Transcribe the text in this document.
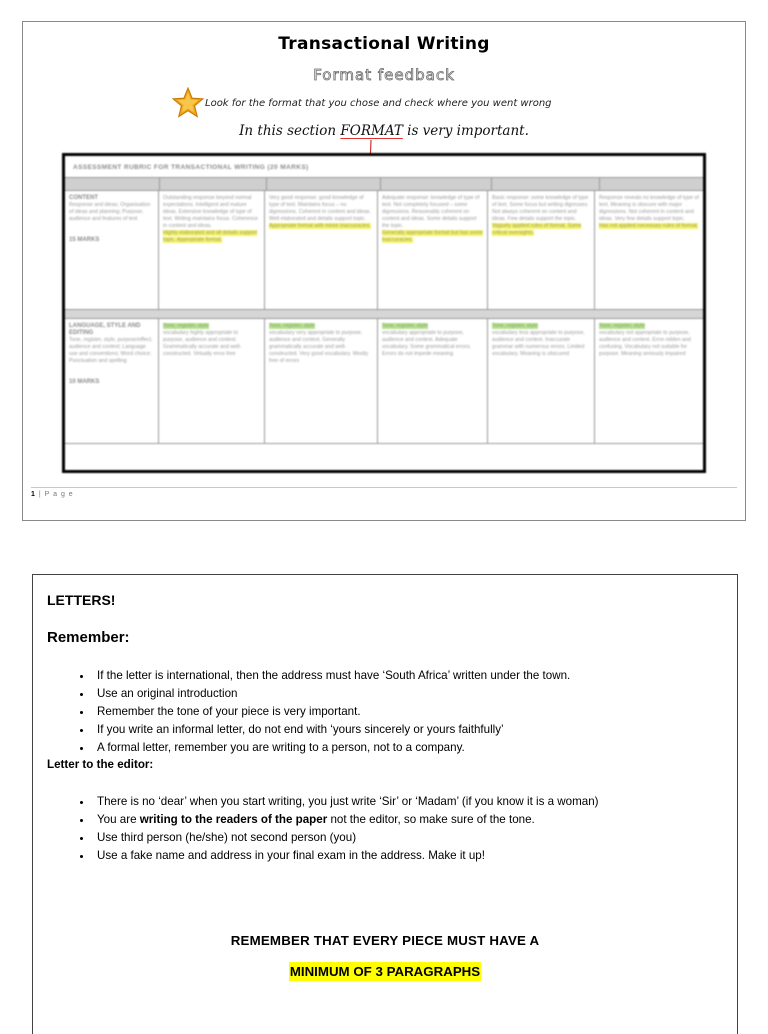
Transactional Writing
Format feedback
Look for the format that you chose and check where you went wrong
In this section FORMAT is very important.
ASSESSMENT RUBRIC FOR TRANSACTIONAL WRITING (20 MARKS)
CONTENT
Response and ideas; Organisation of ideas and planning; Purpose, audience and features of text
15 MARKS
Outstanding response beyond normal expectations. Intelligent and mature ideas. Extensive knowledge of type of text. Writing maintains focus. Coherence in content and ideas.
Highly elaborated and all details support topic. Appropriate format.
Very good response: good knowledge of type of text. Maintains focus – no digressions. Coherent in content and ideas. Well elaborated and details support topic.
Appropriate format with minor inaccuracies.
Adequate response: knowledge of type of text. Not completely focused – some digressions. Reasonably coherent on content and ideas. Some details support the topic.
Generally appropriate format but has some inaccuracies.
Basic response: some knowledge of type of text. Some focus but writing digresses. Not always coherent on content and ideas. Few details support the topic.
Vaguely applied rules of format. Some critical oversights.
Response reveals no knowledge of type of text. Meaning is obscure with major digressions. Not coherent in content and ideas. Very few details support topic.
Has not applied necessary rules of format.
LANGUAGE, STYLE AND EDITING
Tone, register, style, purpose/effect, audience and context; Language use and conventions; Word choice; Punctuation and spelling
10 MARKS
Tone, register, style
vocabulary highly appropriate to purpose, audience and context. Grammatically accurate and well-constructed. Virtually error-free
Tone, register, style
vocabulary very appropriate to purpose, audience and context. Generally grammatically accurate and well-constructed. Very good vocabulary. Mostly free of errors
Tone, register, style
vocabulary appropriate to purpose, audience and context. Adequate vocabulary. Some grammatical errors. Errors do not impede meaning
Tone, register, style
vocabulary less appropriate to purpose, audience and context. Inaccurate grammar with numerous errors. Limited vocabulary. Meaning is obscured
Tone, register, style
vocabulary not appropriate to purpose, audience and context. Error-ridden and confusing. Vocabulary not suitable for purpose. Meaning seriously impaired
1 | P a g e
LETTERS!
Remember:
• If the letter is international, then the address must have ‘South Africa’ written under the town.
• Use an original introduction
• Remember the tone of your piece is very important.
• If you write an informal letter, do not end with ‘yours sincerely or yours faithfully’
• A formal letter, remember you are writing to a person, not to a company.
Letter to the editor:
• There is no ‘dear’ when you start writing, you just write ‘Sir’ or ‘Madam’ (if you know it is a woman)
• You are writing to the readers of the paper not the editor, so make sure of the tone.
• Use third person (he/she) not second person (you)
• Use a fake name and address in your final exam in the address. Make it up!
REMEMBER THAT EVERY PIECE MUST HAVE A
MINIMUM OF 3 PARAGRAPHS
